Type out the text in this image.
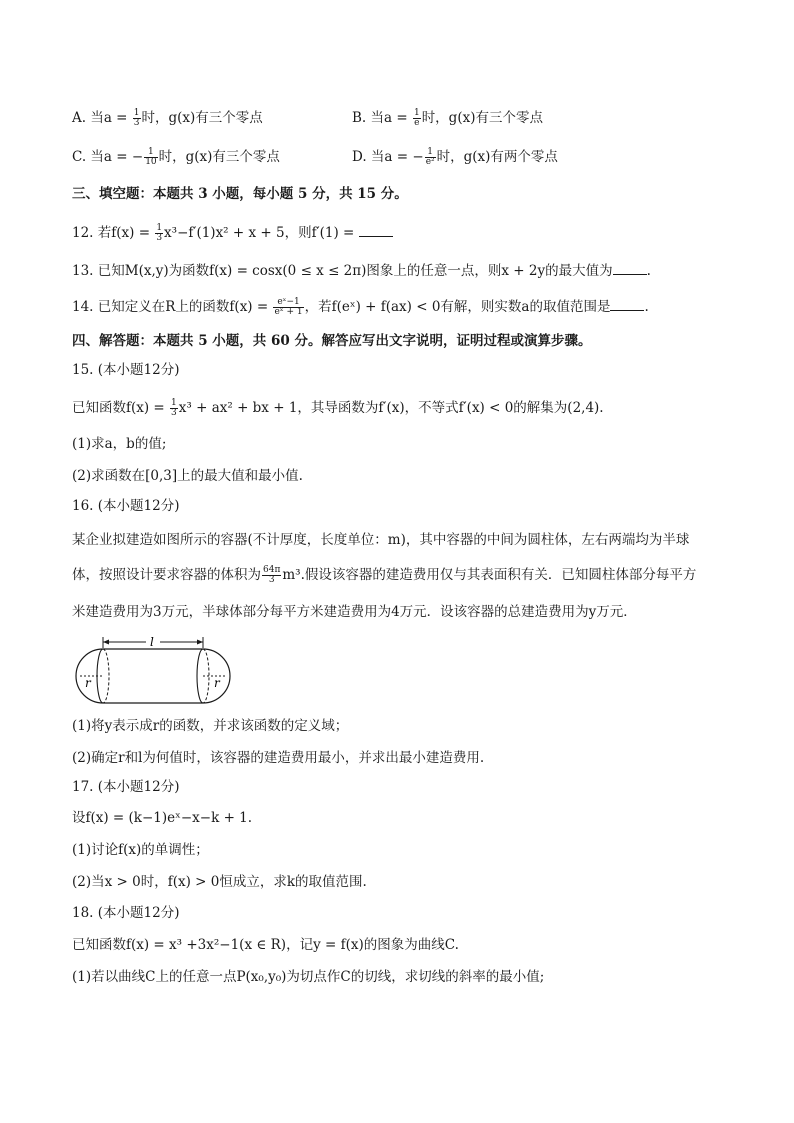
A. 当$a = \frac{1}{3}$ 时，g(x)有三个零点	B. 当$a = \frac{1}{e}$ 时，g(x)有三个零点
C. 当a = − $\frac{1}{10}$ 时，g(x)有三个零点	D. 当a = − $\frac{1}{\text{e²}}$ 时，g(x)有两个零点
三、填空题：本题共 3 小题，每小题 5 分，共 15 分。
12. 若$f(x) = \frac{1}{3} x^3-f'(1)x^2 + x + 5$，则f′(1) =
13. 已知M(x,y)为函数f(x) = cosx(0 ≤ x ≤ 2π)图象上的任意一点，则x + 2y的最大值为	.
14. 已知定义在R上的函数$f(x) = \frac{\text{eˣ−1}}{\text{eˣ + 1}}$ ，若f(eˣ) + f(ax) < 0有解，则实数a的取值范围是	.
四、解答题：本题共 5 小题，共 60 分。解答应写出文字说明，证明过程或演算步骤。
15. (本小题12分)
已知函数$f(x) = \frac{1}{3} x^3 + ax^2$ + bx + 1，其导函数为f′(x)，不等式f′(x) < 0的解集为(2,4).
(1)求a，b的值;
(2)求函数在[0,3]上的最大值和最小值.
16. (本小题12分)
某企业拟建造如图所示的容器(不计厚度，长度单位：m)，其中容器的中间为圆柱体，左右两端均为半球
体，按照设计要求容器的体积为 $\frac{64\pi}{3} m^3$.假设该容器的建造费用仅与其表面积有关．已知圆柱体部分每平方
米建造费用为3万元，半球体部分每平方米建造费用为4万元．设该容器的总建造费用为y万元．
l
r	r
(1)将y表示成r的函数，并求该函数的定义域；
(2)确定r和l为何值时，该容器的建造费用最小，并求出最小建造费用.
17. (本小题12分)
设f(x) = (k−1)eˣ−x−k + 1.
(1)讨论f(x)的单调性；
(2)当x > 0时，f(x) > 0恒成立，求k的取值范围.
18. (本小题12分)
已知函数f(x) = x³ +3x²−1(x ∈ R)，记y = f(x)的图象为曲线C.
(1)若以曲线C上的任意一点P(x₀,y₀)为切点作C的切线，求切线的斜率的最小值;
